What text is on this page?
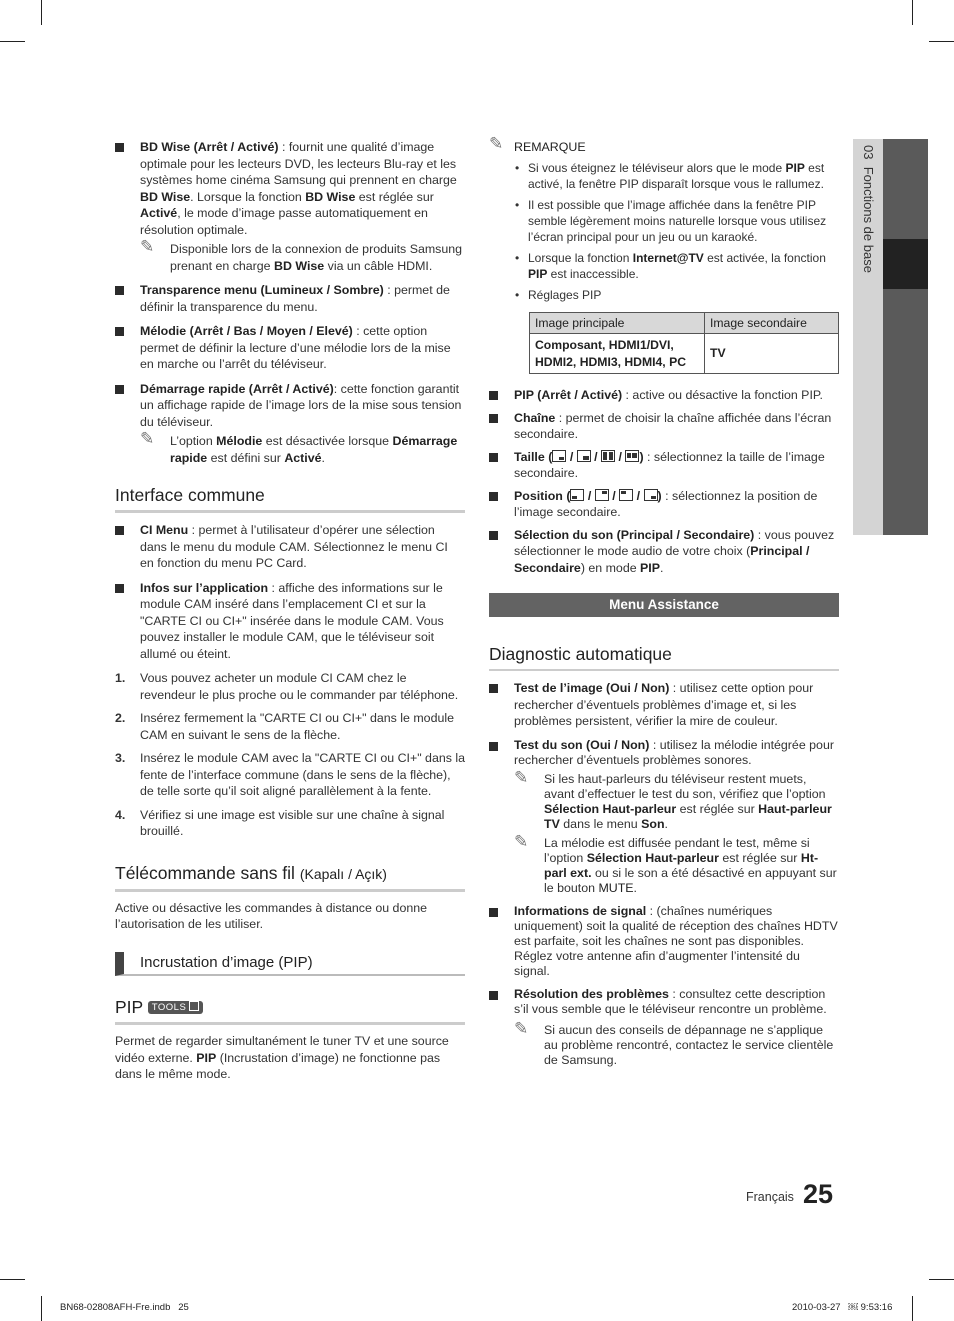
03  Fonctions de base
BD Wise (Arrêt / Activé) : fournit une qualité d’image optimale pour les lecteurs DVD, les lecteurs Blu-ray et les systèmes home cinéma Samsung qui prennent en charge BD Wise. Lorsque la fonction BD Wise est réglée sur Activé, le mode d’image passe automatiquement en résolution optimale.
✎ Disponible lors de la connexion de produits Samsung prenant en charge BD Wise via un câble HDMI.
Transparence menu (Lumineux / Sombre) : permet de définir la transparence du menu.
Mélodie (Arrêt / Bas / Moyen / Elevé) : cette option permet de définir la lecture d’une mélodie lors de la mise en marche ou l’arrêt du téléviseur.
Démarrage rapide (Arrêt / Activé): cette fonction garantit un affichage rapide de l’image lors de la mise sous tension du téléviseur.
✎ L’option Mélodie est désactivée lorsque Démarrage rapide est défini sur Activé.
Interface commune
CI Menu : permet à l’utilisateur d’opérer une sélection dans le menu du module CAM. Sélectionnez le menu CI en fonction du menu PC Card.
Infos sur l’application : affiche des informations sur le module CAM inséré dans l’emplacement CI et sur la "CARTE CI ou CI+" insérée dans le module CAM. Vous pouvez installer le module CAM, que le téléviseur soit allumé ou éteint.
1. Vous pouvez acheter un module CI CAM chez le revendeur le plus proche ou le commander par téléphone.
2. Insérez fermement la "CARTE CI ou CI+" dans le module CAM en suivant le sens de la flèche.
3. Insérez le module CAM avec la "CARTE CI ou CI+" dans la fente de l’interface commune (dans le sens de la flèche), de telle sorte qu’il soit aligné parallèlement à la fente.
4. Vérifiez si une image est visible sur une chaîne à signal brouillé.
Télécommande sans fil (Kapalı / Açık)
Active ou désactive les commandes à distance ou donne l’autorisation de les utiliser.
Incrustation d’image (PIP)
PIP TOOLS
Permet de regarder simultanément le tuner TV et une source vidéo externe. PIP (Incrustation d’image) ne fonctionne pas dans le même mode.
✎ REMARQUE
• Si vous éteignez le téléviseur alors que le mode PIP est activé, la fenêtre PIP disparaît lorsque vous le rallumez.
• Il est possible que l’image affichée dans la fenêtre PIP semble légèrement moins naturelle lorsque vous utilisez l’écran principal pour un jeu ou un karaoké.
• Lorsque la fonction Internet@TV est activée, la fonction PIP est inaccessible.
• Réglages PIP
Image principale	Image secondaire
Composant, HDMI1/DVI, HDMI2, HDMI3, HDMI4, PC	TV
PIP (Arrêt / Activé) : active ou désactive la fonction PIP.
Chaîne : permet de choisir la chaîne affichée dans l’écran secondaire.
Taille ( / / / ) : sélectionnez la taille de l’image secondaire.
Position ( / / / ) : sélectionnez la position de l’image secondaire.
Sélection du son (Principal / Secondaire) : vous pouvez sélectionner le mode audio de votre choix (Principal / Secondaire) en mode PIP.
Menu Assistance
Diagnostic automatique
Test de l’image (Oui / Non) : utilisez cette option pour rechercher d’éventuels problèmes d’image et, si les problèmes persistent, vérifier la mire de couleur.
Test du son (Oui / Non) : utilisez la mélodie intégrée pour rechercher d’éventuels problèmes sonores.
✎ Si les haut-parleurs du téléviseur restent muets, avant d’effectuer le test du son, vérifiez que l’option Sélection Haut-parleur est réglée sur Haut-parleur TV dans le menu Son.
✎ La mélodie est diffusée pendant le test, même si l’option Sélection Haut-parleur est réglée sur Ht-parl ext. ou si le son a été désactivé en appuyant sur le bouton MUTE.
Informations de signal : (chaînes numériques uniquement) soit la qualité de réception des chaînes HDTV est parfaite, soit les chaînes ne sont pas disponibles. Réglez votre antenne afin d’augmenter l’intensité du signal.
Résolution des problèmes : consultez cette description s’il vous semble que le téléviseur rencontre un problème.
✎ Si aucun des conseils de dépannage ne s’applique au problème rencontré, contactez le service clientèle de Samsung.
Français 25
BN68-02808AFH-Fre.indb   25	2010-03-27   ￼ 9:53:16
